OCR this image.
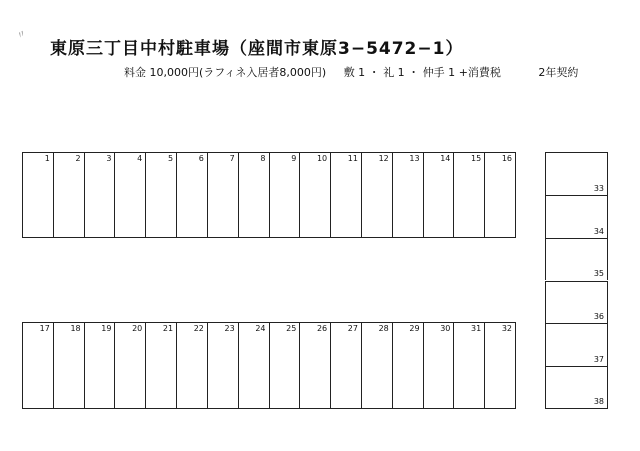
〃
東原三丁目中村駐車場（座間市東原3−5472−1）
料金 10,000円(ラフィネ入居者8,000円) 敷 1 ・ 礼 1 ・ 仲手 1 +消費税	2年契約
1	2	3	4	5	6	7	8	9	10	11	12	13	14	15	16
17	18	19	20	21	22	23	24	25	26	27	28	29	30	31	32
33
34
35
36
37
38
